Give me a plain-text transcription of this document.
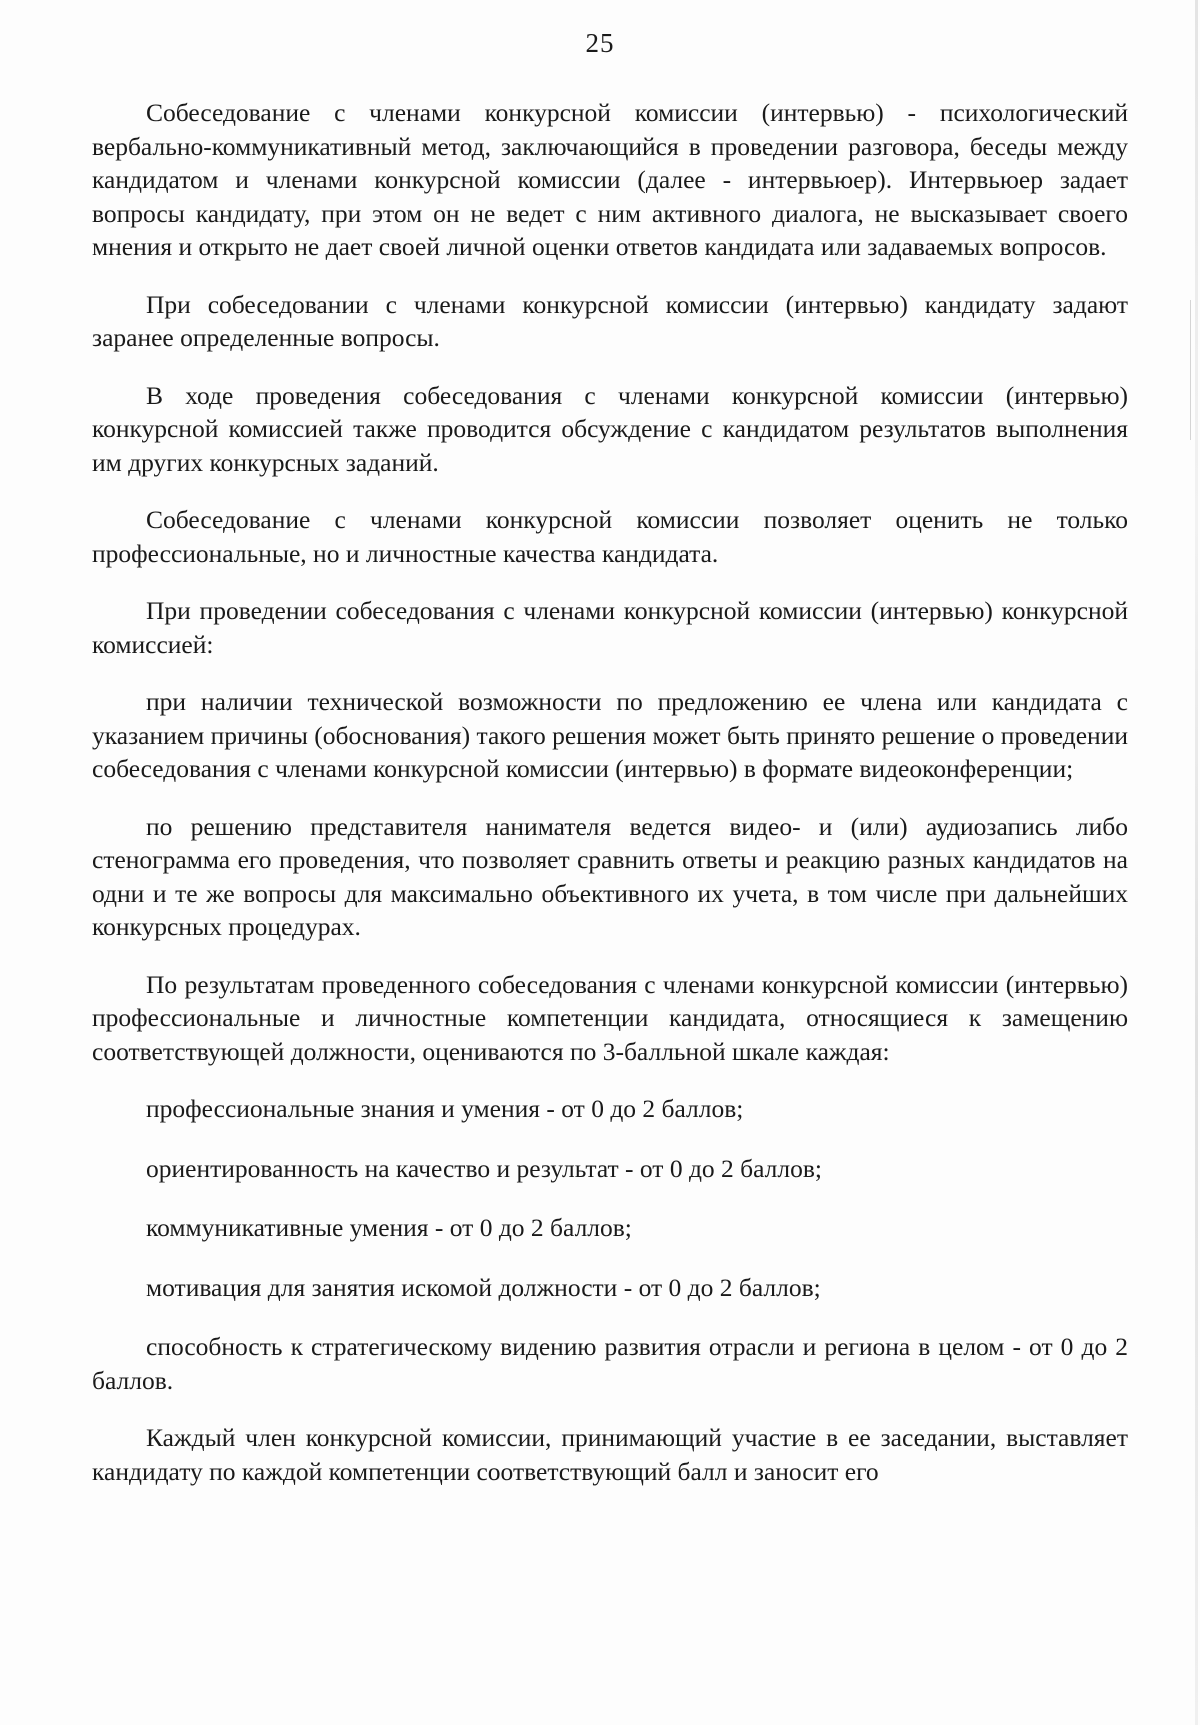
25

Собеседование с членами конкурсной комиссии (интервью) - психологический вербально-коммуникативный метод, заключающийся в проведении разговора, беседы между кандидатом и членами конкурсной комиссии (далее - интервьюер). Интервьюер задает вопросы кандидату, при этом он не ведет с ним активного диалога, не высказывает своего мнения и открыто не дает своей личной оценки ответов кандидата или задаваемых вопросов.

При собеседовании с членами конкурсной комиссии (интервью) кандидату задают заранее определенные вопросы.

В ходе проведения собеседования с членами конкурсной комиссии (интервью) конкурсной комиссией также проводится обсуждение с кандидатом результатов выполнения им других конкурсных заданий.

Собеседование с членами конкурсной комиссии позволяет оценить не только профессиональные, но и личностные качества кандидата.

При проведении собеседования с членами конкурсной комиссии (интервью) конкурсной комиссией:

при наличии технической возможности по предложению ее члена или кандидата с указанием причины (обоснования) такого решения может быть принято решение о проведении собеседования с членами конкурсной комиссии (интервью) в формате видеоконференции;

по решению представителя нанимателя ведется видео- и (или) аудиозапись либо стенограмма его проведения, что позволяет сравнить ответы и реакцию разных кандидатов на одни и те же вопросы для максимально объективного их учета, в том числе при дальнейших конкурсных процедурах.

По результатам проведенного собеседования с членами конкурсной комиссии (интервью) профессиональные и личностные компетенции кандидата, относящиеся к замещению соответствующей должности, оцениваются по 3-балльной шкале каждая:

профессиональные знания и умения - от 0 до 2 баллов;

ориентированность на качество и результат - от 0 до 2 баллов;

коммуникативные умения - от 0 до 2 баллов;

мотивация для занятия искомой должности - от 0 до 2 баллов;

способность к стратегическому видению развития отрасли и региона в целом - от 0 до 2 баллов.

Каждый член конкурсной комиссии, принимающий участие в ее заседании, выставляет кандидату по каждой компетенции соответствующий балл и заносит его
